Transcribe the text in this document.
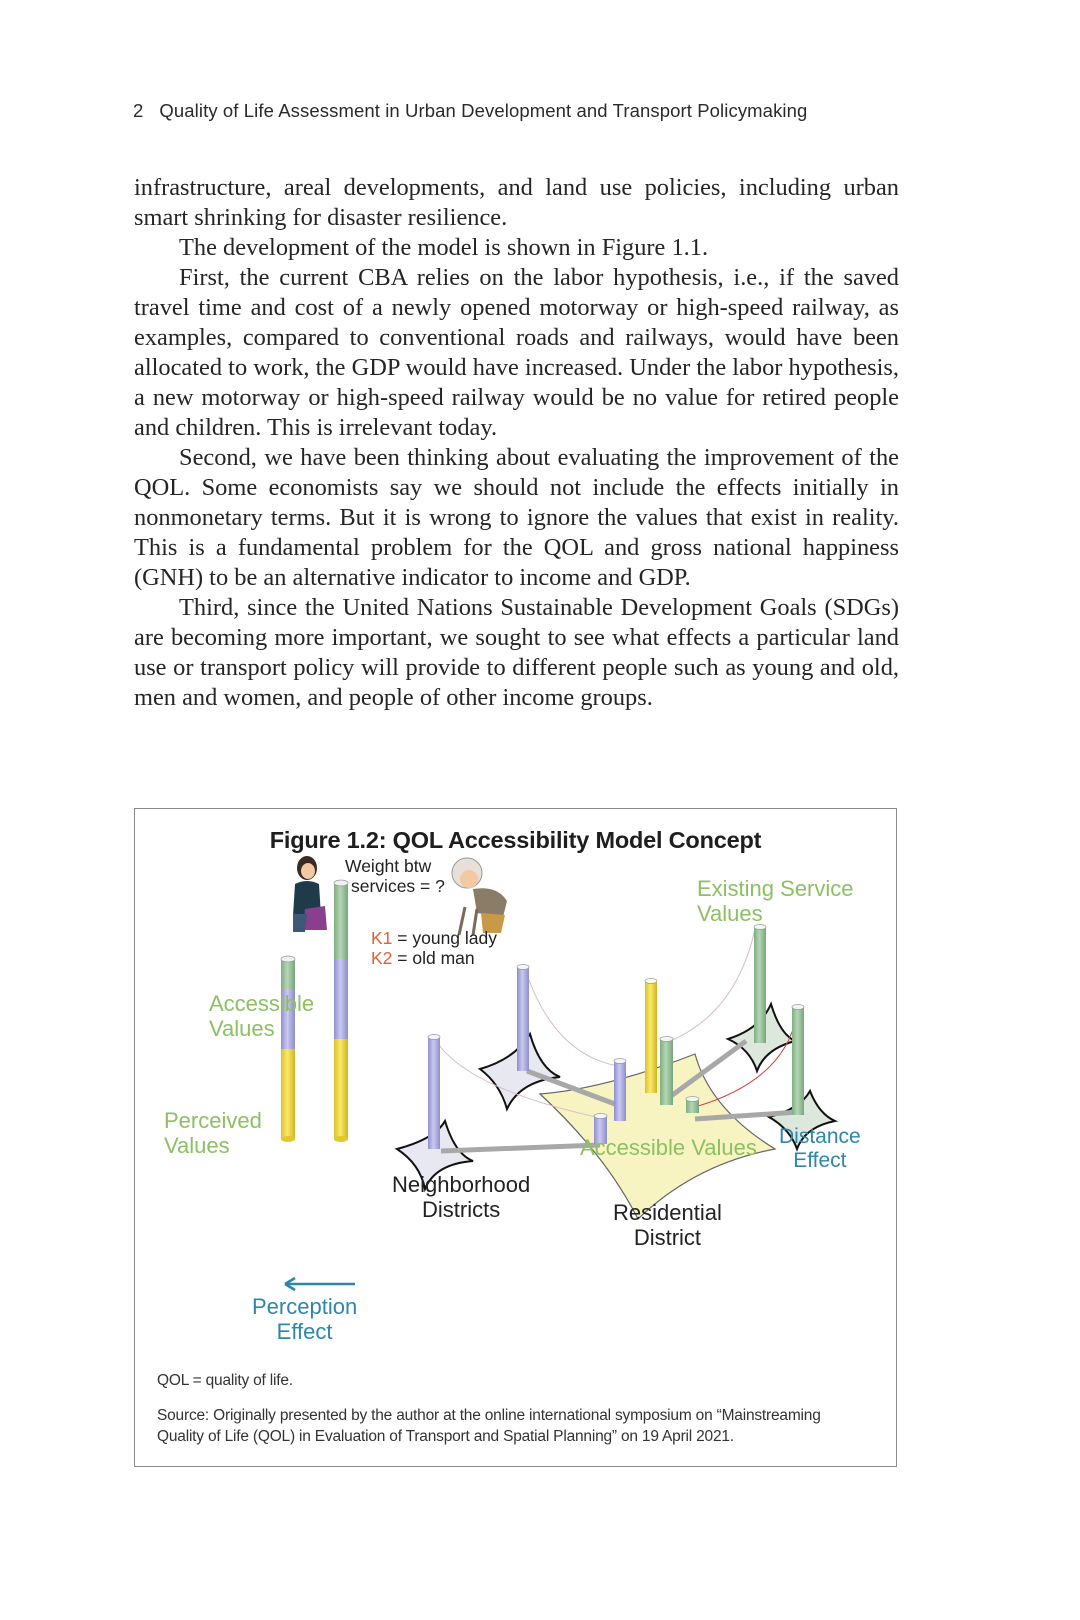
2 Quality of Life Assessment in Urban Development and Transport Policymaking

infrastructure, areal developments, and land use policies, including urban smart shrinking for disaster resilience.

The development of the model is shown in Figure 1.1.

First, the current CBA relies on the labor hypothesis, i.e., if the saved travel time and cost of a newly opened motorway or high-speed railway, as examples, compared to conventional roads and railways, would have been allocated to work, the GDP would have increased. Under the labor hypothesis, a new motorway or high-speed railway would be no value for retired people and children. This is irrelevant today.

Second, we have been thinking about evaluating the improvement of the QOL. Some economists say we should not include the effects initially in nonmonetary terms. But it is wrong to ignore the values that exist in reality. This is a fundamental problem for the QOL and gross national happiness (GNH) to be an alternative indicator to income and GDP.

Third, since the United Nations Sustainable Development Goals (SDGs) are becoming more important, we sought to see what effects a particular land use or transport policy will provide to different people such as young and old, men and women, and people of other income groups.

Figure 1.2: QOL Accessibility Model Concept
Weight btw
services = ?
K1 = young lady
K2 = old man
Existing Service
Values
Accessible
Values
Perceived
Values	Accessible Values Distance
Effect
Neighborhood
Districts	Residential
District
Perception
Effect
QOL = quality of life.
Source: Originally presented by the author at the online international symposium on “Mainstreaming
Quality of Life (QOL) in Evaluation of Transport and Spatial Planning” on 19 April 2021.
